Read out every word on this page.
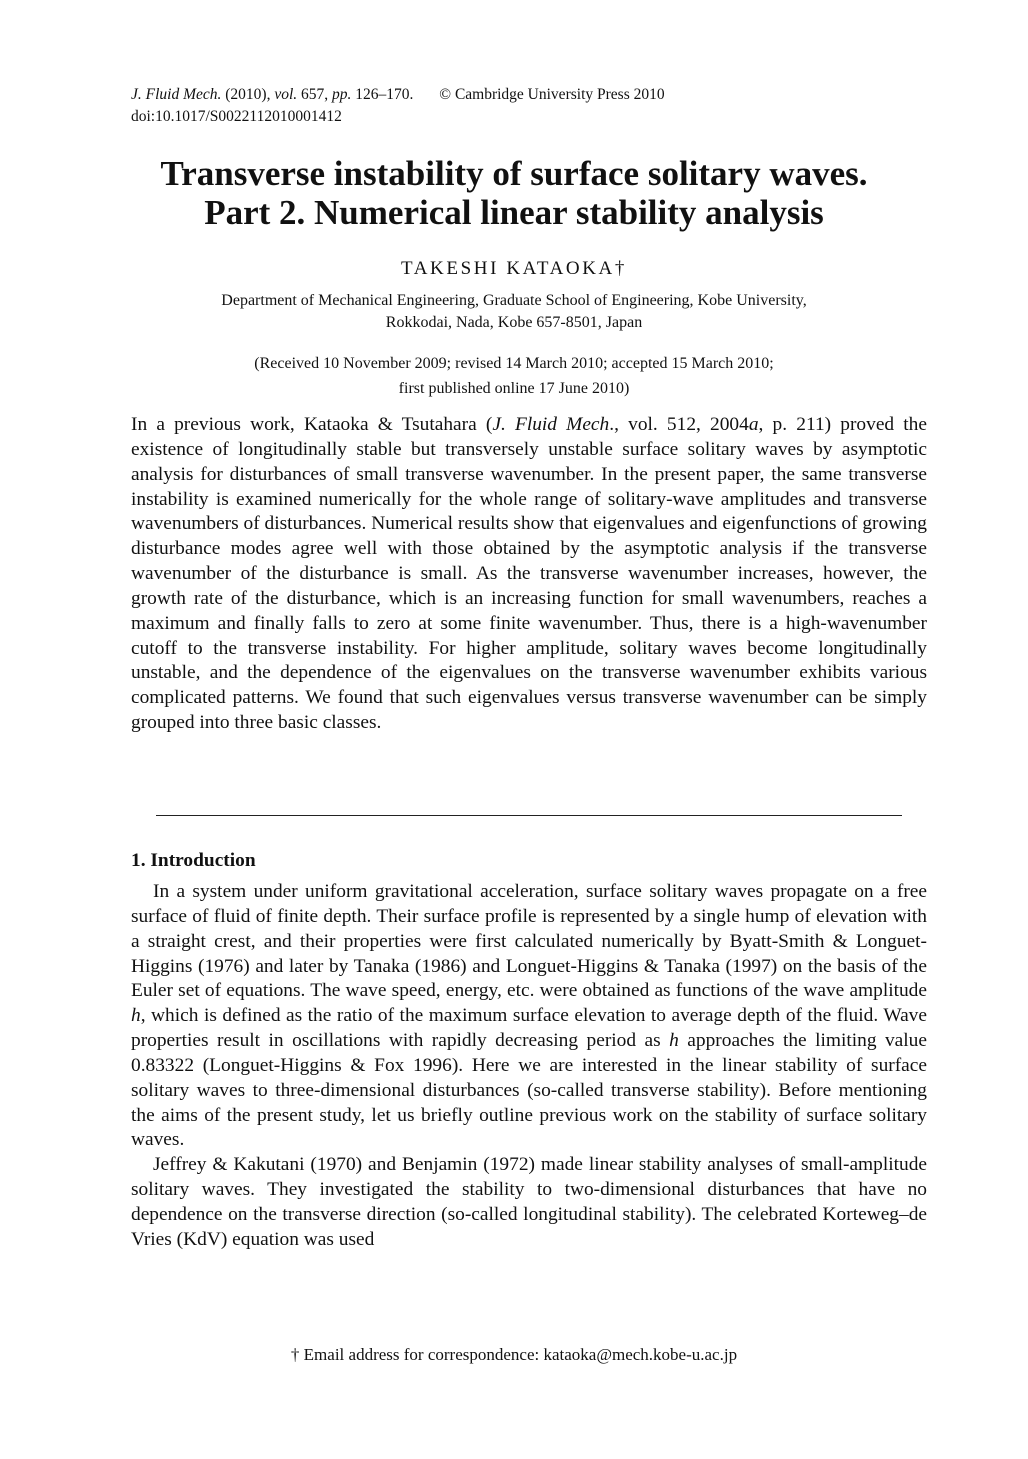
J. Fluid Mech. (2010), vol. 657, pp. 126–170. © Cambridge University Press 2010
doi:10.1017/S0022112010001412
Transverse instability of surface solitary waves.
Part 2. Numerical linear stability analysis
TAKESHI KATAOKA†
Department of Mechanical Engineering, Graduate School of Engineering, Kobe University,
Rokkodai, Nada, Kobe 657-8501, Japan
(Received 10 November 2009; revised 14 March 2010; accepted 15 March 2010;
first published online 17 June 2010)
In a previous work, Kataoka & Tsutahara (J. Fluid Mech., vol. 512, 2004a, p. 211) proved the existence of longitudinally stable but transversely unstable surface solitary waves by asymptotic analysis for disturbances of small transverse wavenumber. In the present paper, the same transverse instability is examined numerically for the whole range of solitary-wave amplitudes and transverse wavenumbers of disturbances. Numerical results show that eigenvalues and eigenfunctions of growing disturbance modes agree well with those obtained by the asymptotic analysis if the transverse wavenumber of the disturbance is small. As the transverse wavenumber increases, however, the growth rate of the disturbance, which is an increasing function for small wavenumbers, reaches a maximum and finally falls to zero at some finite wavenumber. Thus, there is a high-wavenumber cutoff to the transverse instability. For higher amplitude, solitary waves become longitudinally unstable, and the dependence of the eigenvalues on the transverse wavenumber exhibits various complicated patterns. We found that such eigenvalues versus transverse wavenumber can be simply grouped into three basic classes.
1. Introduction

In a system under uniform gravitational acceleration, surface solitary waves propagate on a free surface of fluid of finite depth. Their surface profile is represented by a single hump of elevation with a straight crest, and their properties were first calculated numerically by Byatt-Smith & Longuet-Higgins (1976) and later by Tanaka (1986) and Longuet-Higgins & Tanaka (1997) on the basis of the Euler set of equations. The wave speed, energy, etc. were obtained as functions of the wave amplitude h, which is defined as the ratio of the maximum surface elevation to average depth of the fluid. Wave properties result in oscillations with rapidly decreasing period as h approaches the limiting value 0.83322 (Longuet-Higgins & Fox 1996). Here we are interested in the linear stability of surface solitary waves to three-dimensional disturbances (so-called transverse stability). Before mentioning the aims of the present study, let us briefly outline previous work on the stability of surface solitary waves.

Jeffrey & Kakutani (1970) and Benjamin (1972) made linear stability analyses of small-amplitude solitary waves. They investigated the stability to two-dimensional disturbances that have no dependence on the transverse direction (so-called longitudinal stability). The celebrated Korteweg–de Vries (KdV) equation was used

† Email address for correspondence: kataoka@mech.kobe-u.ac.jp
